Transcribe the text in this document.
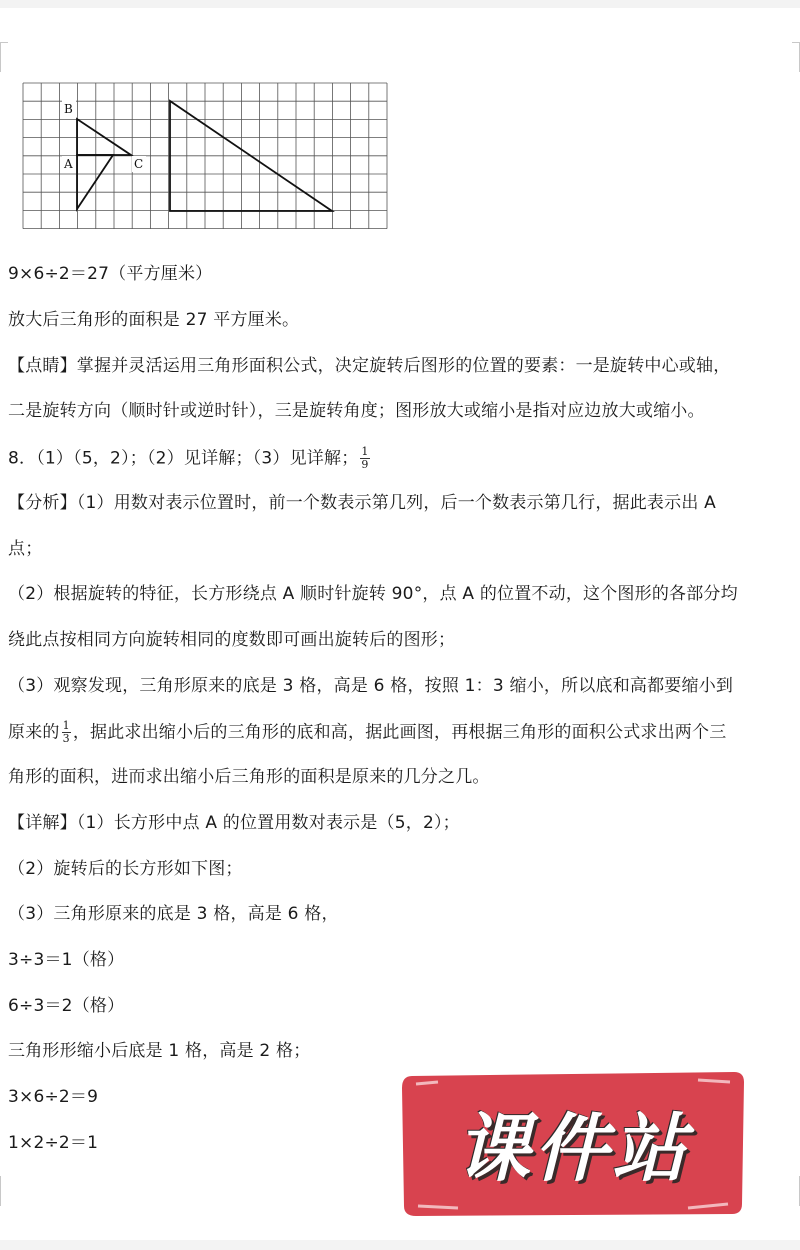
B
A	C
9×6÷2＝27（平方厘米）
放大后三角形的面积是 27 平方厘米。
【点睛】掌握并灵活运用三角形面积公式，决定旋转后图形的位置的要素：一是旋转中心或轴，
二是旋转方向（顺时针或逆时针），三是旋转角度；图形放大或缩小是指对应边放大或缩小。
8．（1）（5，2）；（2）见详解；（3）见详解； $\frac{1}{9}$
【分析】（1）用数对表示位置时，前一个数表示第几列，后一个数表示第几行，据此表示出 A
点；
（2）根据旋转的特征，长方形绕点 A 顺时针旋转 90°，点 A 的位置不动，这个图形的各部分均
绕此点按相同方向旋转相同的度数即可画出旋转后的图形；
（3）观察发现，三角形原来的底是 3 格，高是 6 格，按照 1：3 缩小，所以底和高都要缩小到
原来的 $\frac{1}{3}$ ，据此求出缩小后的三角形的底和高，据此画图，再根据三角形的面积公式求出两个三
角形的面积，进而求出缩小后三角形的面积是原来的几分之几。
【详解】（1）长方形中点 A 的位置用数对表示是（5，2）；
（2）旋转后的长方形如下图；
（3）三角形原来的底是 3 格，高是 6 格，
3÷3＝1（格）
6÷3＝2（格）
三角形形缩小后底是 1 格，高是 2 格；
3×6÷2＝9
1×2÷2＝1	课件站
